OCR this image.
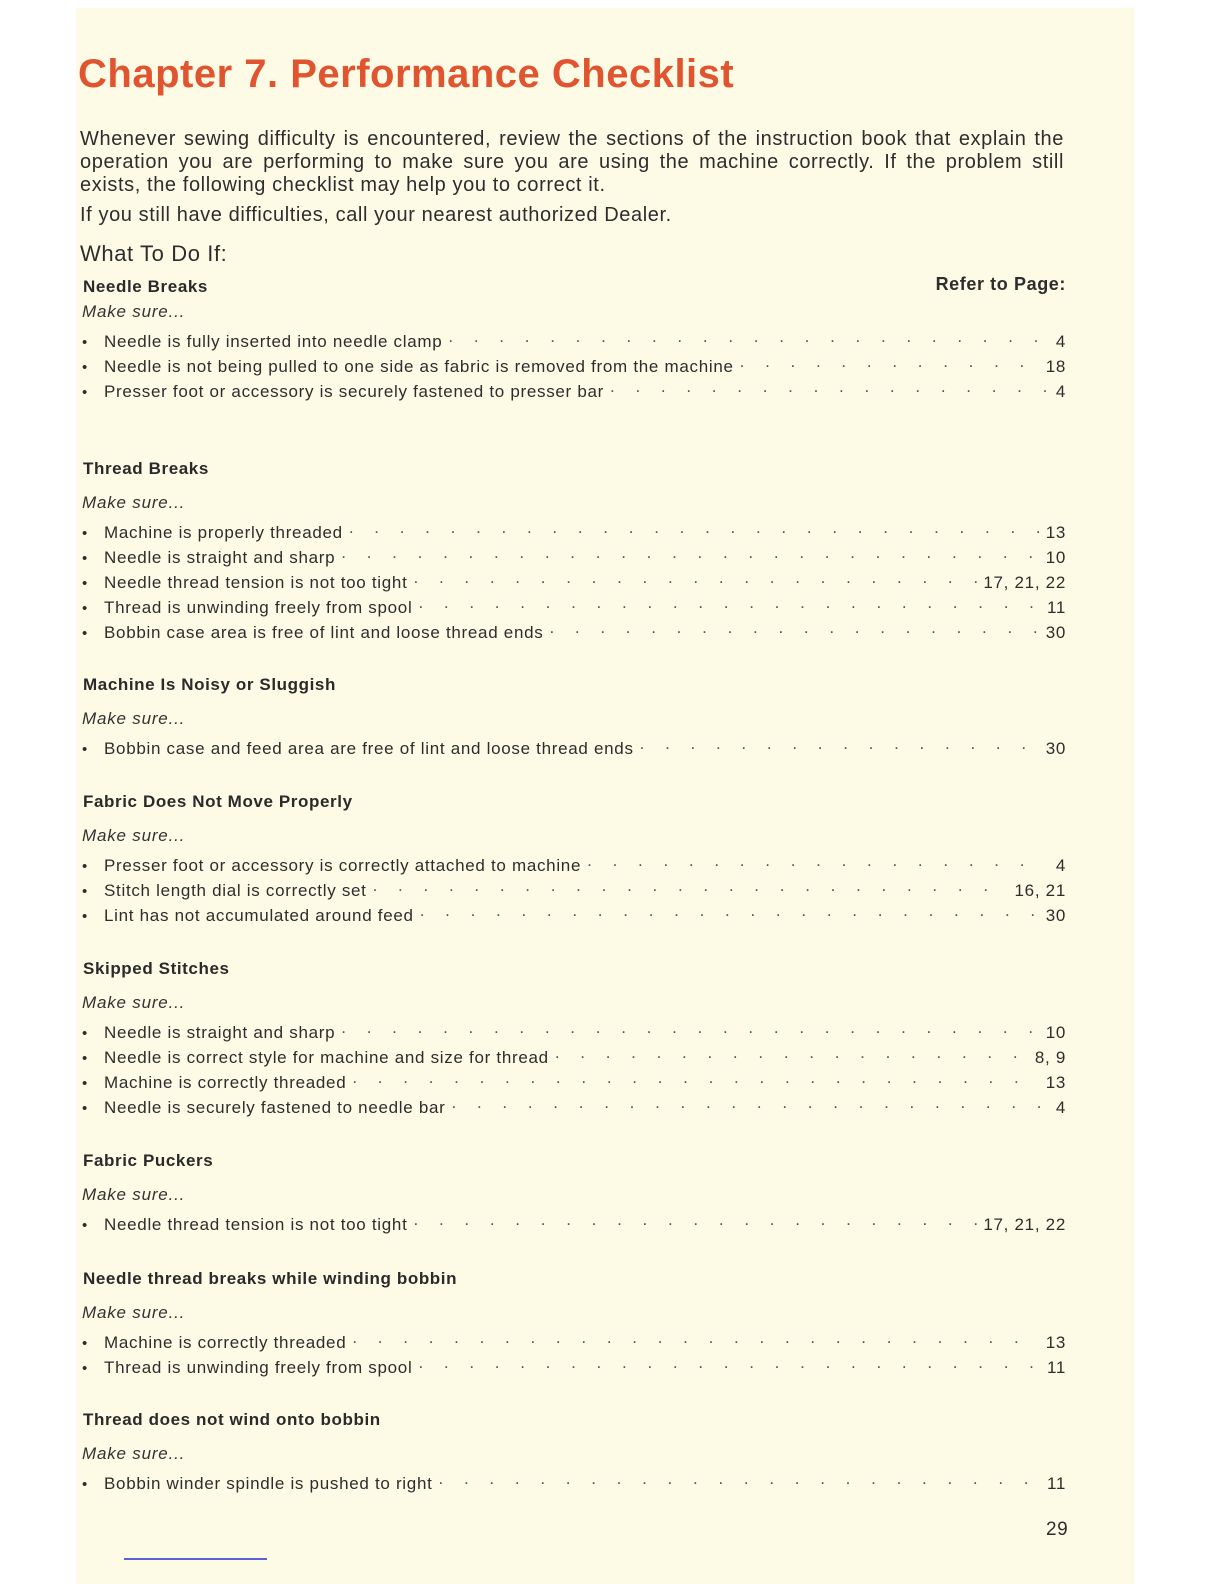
Chapter 7. Performance Checklist
Whenever sewing difficulty is encountered, review the sections of the instruction book that explain the operation you are performing to make sure you are using the machine correctly. If the problem still exists, the following checklist may help you to correct it.
If you still have difficulties, call your nearest authorized Dealer.
What To Do If:
Refer to Page:
Needle Breaks
Make sure...
• Needle is fully inserted into needle clamp . . .	4
• Needle is not being pulled to one side as fabric is removed from the machine . . .	18
• Presser foot or accessory is securely fastened to presser bar . . .	4
Thread Breaks
Make sure...
• Machine is properly threaded . . .	13
• Needle is straight and sharp . . .	10
• Needle thread tension is not too tight . . .	17, 21, 22
• Thread is unwinding freely from spool . . .	11
• Bobbin case area is free of lint and loose thread ends . . .	30
Machine Is Noisy or Sluggish
Make sure...
• Bobbin case and feed area are free of lint and loose thread ends . . .	30
Fabric Does Not Move Properly
Make sure...
• Presser foot or accessory is correctly attached to machine . . .	4
• Stitch length dial is correctly set . . .	16, 21
• Lint has not accumulated around feed . . .	30
Skipped Stitches
Make sure...
• Needle is straight and sharp . . .	10
• Needle is correct style for machine and size for thread . . .	8, 9
• Machine is correctly threaded . . .	13
• Needle is securely fastened to needle bar . . .	4
Fabric Puckers
Make sure...
• Needle thread tension is not too tight . . .	17, 21, 22
Needle thread breaks while winding bobbin
Make sure...
• Machine is correctly threaded . . .	13
• Thread is unwinding freely from spool . . .	11
Thread does not wind onto bobbin
Make sure...
• Bobbin winder spindle is pushed to right . . .	11
29
